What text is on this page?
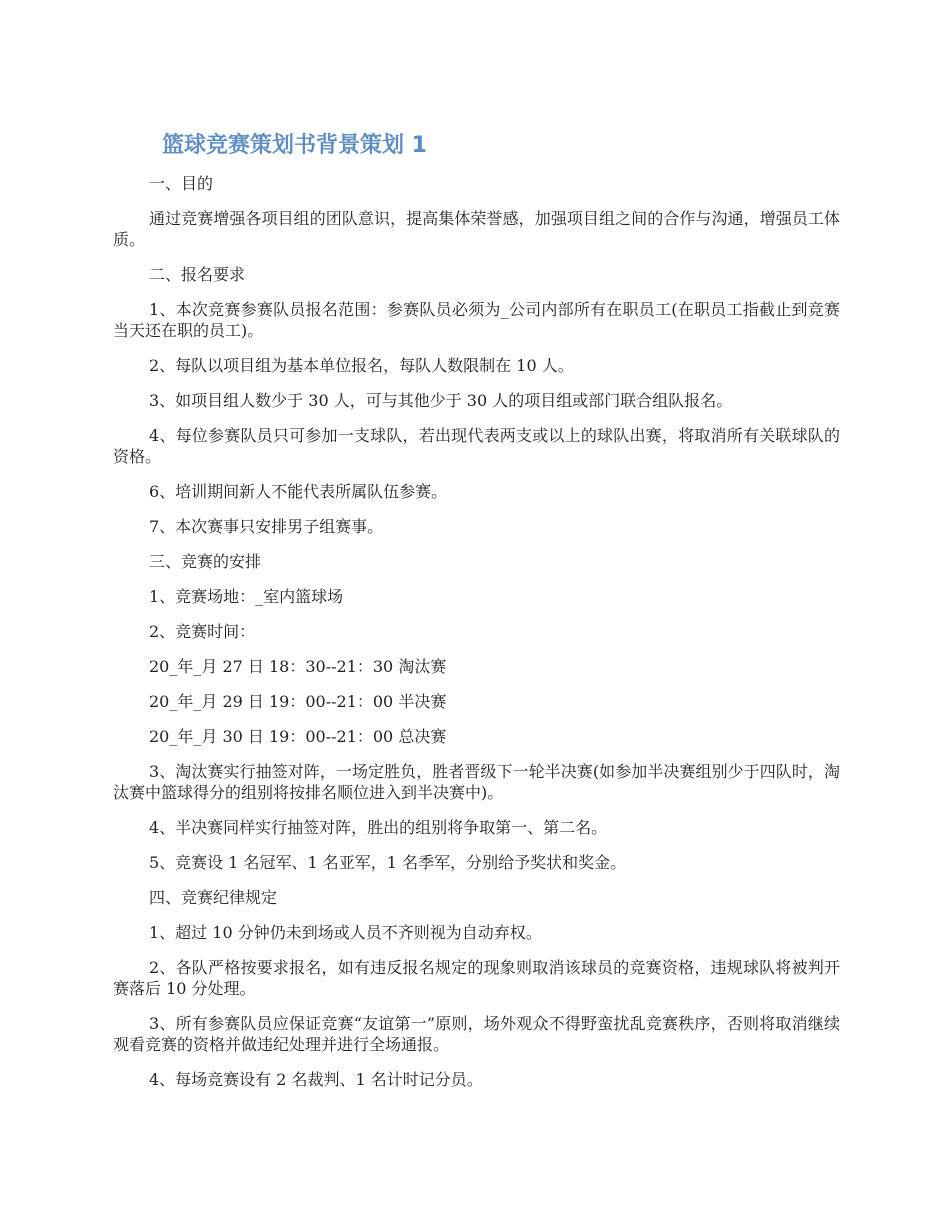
篮球竞赛策划书背景策划 1

一、目的

通过竞赛增强各项目组的团队意识，提高集体荣誉感，加强项目组之间的合作与沟通，增强员工体质。

二、报名要求

1、本次竞赛参赛队员报名范围：参赛队员必须为_公司内部所有在职员工(在职员工指截止到竞赛当天还在职的员工)。

2、每队以项目组为基本单位报名，每队人数限制在 10 人。

3、如项目组人数少于 30 人，可与其他少于 30 人的项目组或部门联合组队报名。

4、每位参赛队员只可参加一支球队，若出现代表两支或以上的球队出赛，将取消所有关联球队的资格。

6、培训期间新人不能代表所属队伍参赛。

7、本次赛事只安排男子组赛事。

三、竞赛的安排

1、竞赛场地：_室内篮球场

2、竞赛时间：

20_年_月 27 日 18：30--21：30 淘汰赛

20_年_月 29 日 19：00--21：00 半决赛

20_年_月 30 日 19：00--21：00 总决赛

3、淘汰赛实行抽签对阵，一场定胜负，胜者晋级下一轮半决赛(如参加半决赛组别少于四队时，淘汰赛中篮球得分的组别将按排名顺位进入到半决赛中)。

4、半决赛同样实行抽签对阵，胜出的组别将争取第一、第二名。

5、竞赛设 1 名冠军、1 名亚军，1 名季军，分别给予奖状和奖金。

四、竞赛纪律规定

1、超过 10 分钟仍未到场或人员不齐则视为自动弃权。

2、各队严格按要求报名，如有违反报名规定的现象则取消该球员的竞赛资格，违规球队将被判开赛落后 10 分处理。

3、所有参赛队员应保证竞赛“友谊第一”原则，场外观众不得野蛮扰乱竞赛秩序，否则将取消继续观看竞赛的资格并做违纪处理并进行全场通报。

4、每场竞赛设有 2 名裁判、1 名计时记分员。
